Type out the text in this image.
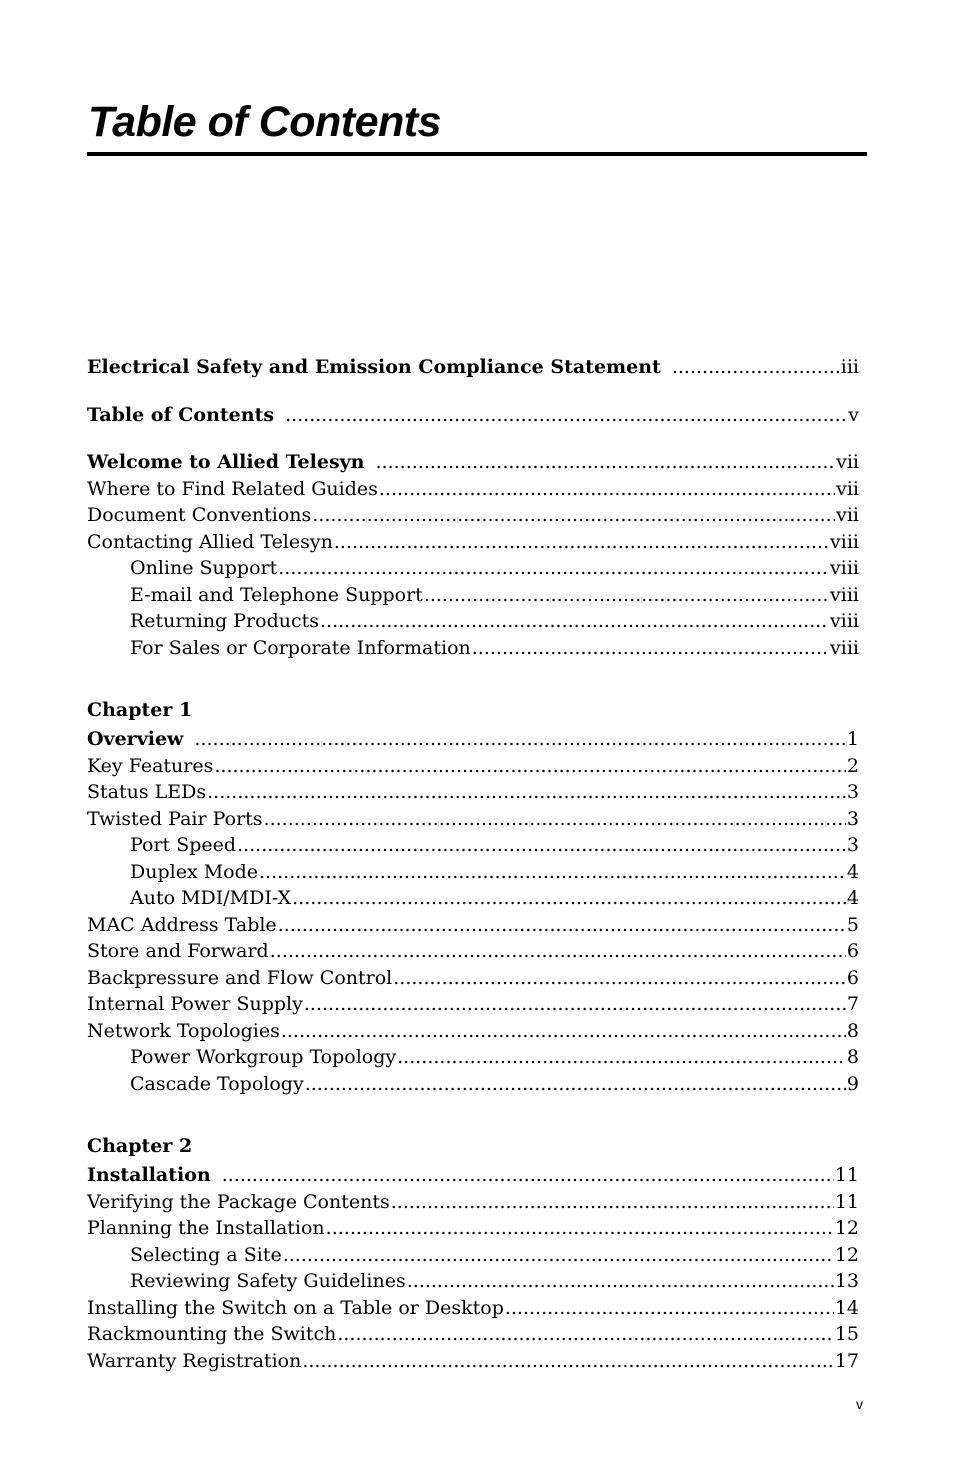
Table of Contents
Electrical Safety and Emission Compliance Statement .....	iii
Table of Contents .....	v
Welcome to Allied Telesyn .....	vii
Where to Find Related Guides .....	vii
Document Conventions .....	vii
Contacting Allied Telesyn .....	viii
Online Support .....	viii
E-mail and Telephone Support .....	viii
Returning Products .....	viii
For Sales or Corporate Information .....	viii
Chapter 1
Overview .....	1
Key Features .....	2
Status LEDs .....	3
Twisted Pair Ports .....	3
Port Speed .....	3
Duplex Mode .....	4
Auto MDI/MDI-X .....	4
MAC Address Table .....	5
Store and Forward .....	6
Backpressure and Flow Control .....	6
Internal Power Supply .....	7
Network Topologies .....	8
Power Workgroup Topology .....	8
Cascade Topology .....	9
Chapter 2
Installation .....	11
Verifying the Package Contents .....	11
Planning the Installation .....	12
Selecting a Site .....	12
Reviewing Safety Guidelines .....	13
Installing the Switch on a Table or Desktop .....	14
Rackmounting the Switch .....	15
Warranty Registration .....	17
v
